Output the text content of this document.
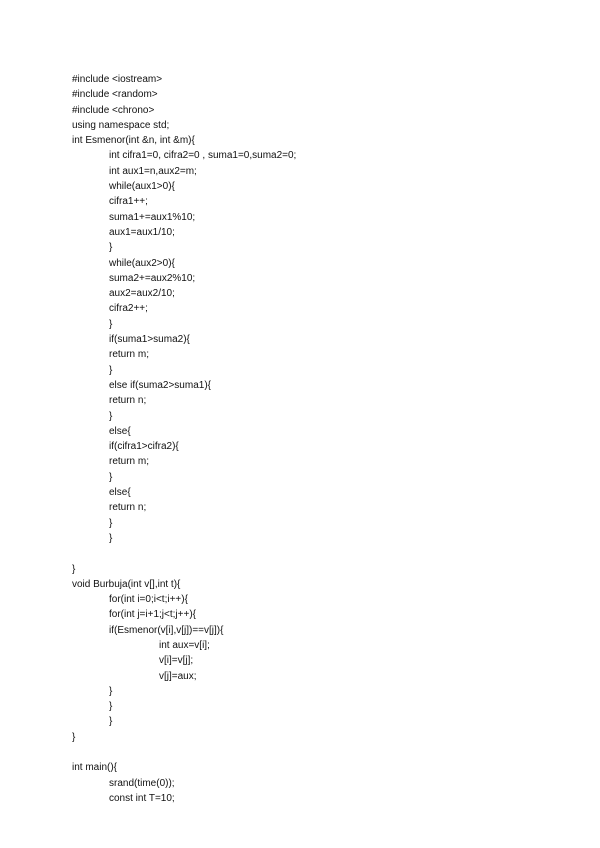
#include <iostream>
#include <random>
#include <chrono>
using namespace std;
int Esmenor(int &n, int &m){
int cifra1=0, cifra2=0 , suma1=0,suma2=0;
int aux1=n,aux2=m;
while(aux1>0){
cifra1++;
suma1+=aux1%10;
aux1=aux1/10;
}
while(aux2>0){
suma2+=aux2%10;
aux2=aux2/10;
cifra2++;
}
if(suma1>suma2){
return m;
}
else if(suma2>suma1){
return n;
}
else{
if(cifra1>cifra2){
return m;
}
else{
return n;
}
}
}
void Burbuja(int v[],int t){
for(int i=0;i<t;i++){
for(int j=i+1;j<t;j++){
if(Esmenor(v[i],v[j])==v[j]){
int aux=v[i];
v[i]=v[j];
v[j]=aux;
}
}
}
}
int main(){
srand(time(0));
const int T=10;
